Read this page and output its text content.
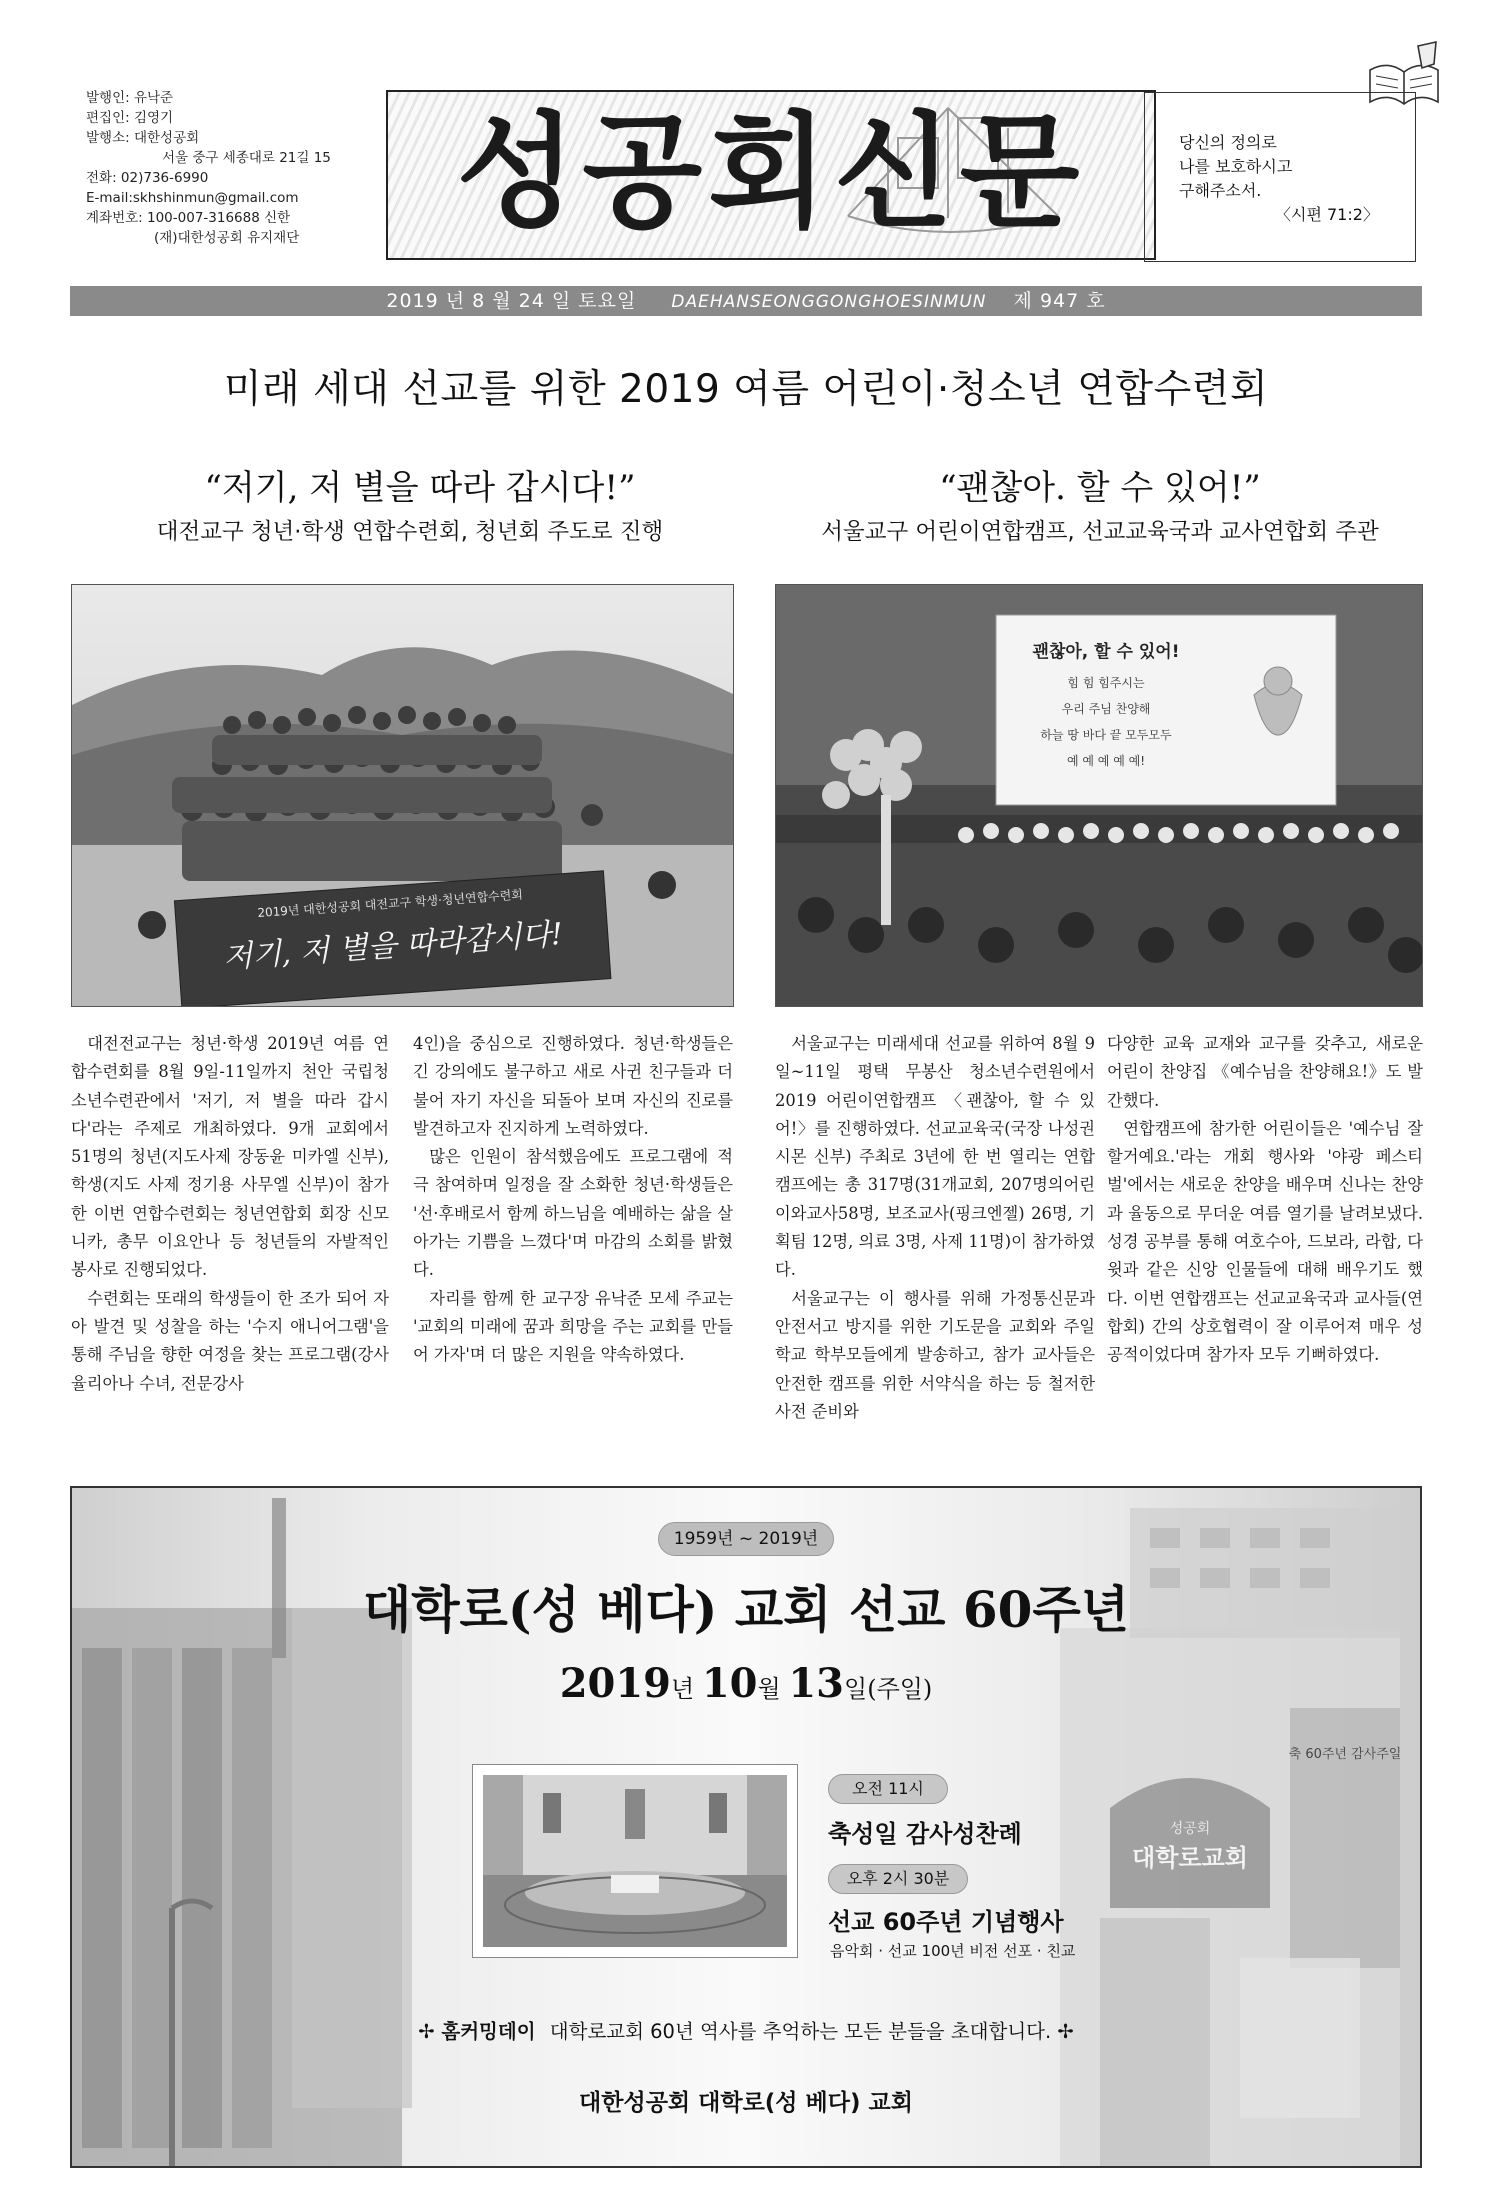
발행인: 유낙준
편집인: 김영기
발행소: 대한성공회
서울 중구 세종대로 21길 15
전화: 02)736-6990
E-mail:skhshinmun@gmail.com
계좌번호: 100-007-316688 신한
(재)대한성공회 유지재단	성공회신문	당신의 정의로
나를 보호하시고
구해주소서.
〈시편 71:2〉
2019 년 8 월 24 일 토요일 DAEHANSEONGGONGHOESINMUN 제 947 호
미래 세대 선교를 위한 2019 여름 어린이·청소년 연합수련회
“저기, 저 별을 따라 갑시다!”
대전교구 청년·학생 연합수련회, 청년회 주도로 진행
2019년 대한성공회 대전교구 학생·청년연합수련회
저기, 저 별을 따라갑시다!

대전전교구는 청년·학생 2019년 여름 연합수련회를 8월 9일-11일까지 천안 국립청소년수련관에서 '저기, 저 별을 따라 갑시다'라는 주제로 개최하였다. 9개 교회에서 51명의 청년(지도사제 장동윤 미카엘 신부), 학생(지도 사제 정기용 사무엘 신부)이 참가한 이번 연합수련회는 청년연합회 회장 신모니카, 총무 이요안나 등 청년들의 자발적인 봉사로 진행되었다.

수련회는 또래의 학생들이 한 조가 되어 자아 발견 및 성찰을 하는 '수지 애니어그램'을 통해 주님을 향한 여정을 찾는 프로그램(강사 율리아나 수녀, 전문강사

4인)을 중심으로 진행하였다. 청년·학생들은 긴 강의에도 불구하고 새로 사귄 친구들과 더불어 자기 자신을 되돌아 보며 자신의 진로를 발견하고자 진지하게 노력하였다.

많은 인원이 참석했음에도 프로그램에 적극 참여하며 일정을 잘 소화한 청년·학생들은 '선·후배로서 함께 하느님을 예배하는 삶을 살아가는 기쁨을 느꼈다'며 마감의 소회를 밝혔다.

자리를 함께 한 교구장 유낙준 모세 주교는 '교회의 미래에 꿈과 희망을 주는 교회를 만들어 가자'며 더 많은 지원을 약속하였다.

“괜찮아. 할 수 있어!”
서울교구 어린이연합캠프, 선교교육국과 교사연합회 주관
괜찮아, 할 수 있어!
힘 힘 힘주시는
우리 주님 찬양해
하늘 땅 바다 끝 모두모두
예 예 예 예 예!

서울교구는 미래세대 선교를 위하여 8월 9일~11일 평택 무봉산 청소년수련원에서 2019 어린이연합캠프 〈괜찮아, 할 수 있어!〉를 진행하였다. 선교교육국(국장 나성권 시몬 신부) 주최로 3년에 한 번 열리는 연합캠프에는 총 317명(31개교회, 207명의어린이와교사58명, 보조교사(핑크엔젤) 26명, 기획팀 12명, 의료 3명, 사제 11명)이 참가하였다.

서울교구는 이 행사를 위해 가정통신문과 안전서고 방지를 위한 기도문을 교회와 주일학교 학부모들에게 발송하고, 참가 교사들은 안전한 캠프를 위한 서약식을 하는 등 철저한 사전 준비와

다양한 교육 교재와 교구를 갖추고, 새로운 어린이 찬양집 《예수님을 찬양해요!》도 발간했다.

연합캠프에 참가한 어린이들은 '예수님 잘 할거예요.'라는 개회 행사와 '야광 페스티벌'에서는 새로운 찬양을 배우며 신나는 찬양과 율동으로 무더운 여름 열기를 날려보냈다. 성경 공부를 통해 여호수아, 드보라, 라합, 다윗과 같은 신앙 인물들에 대해 배우기도 했다. 이번 연합캠프는 선교교육국과 교사들(연합회) 간의 상호협력이 잘 이루어져 매우 성공적이었다며 참가자 모두 기뻐하였다.

축 60주년 감사주일
성공회
대학로교회
1959년 ~ 2019년
대학로(성 베다) 교회 선교 60주년
2019년 10월 13일(주일)
오전 11시
축성일 감사성찬례
오후 2시 30분
선교 60주년 기념행사
음악회 · 선교 100년 비전 선포 · 친교
✢ 홈커밍데이 대학로교회 60년 역사를 추억하는 모든 분들을 초대합니다. ✢
대한성공회 대학로(성 베다) 교회
